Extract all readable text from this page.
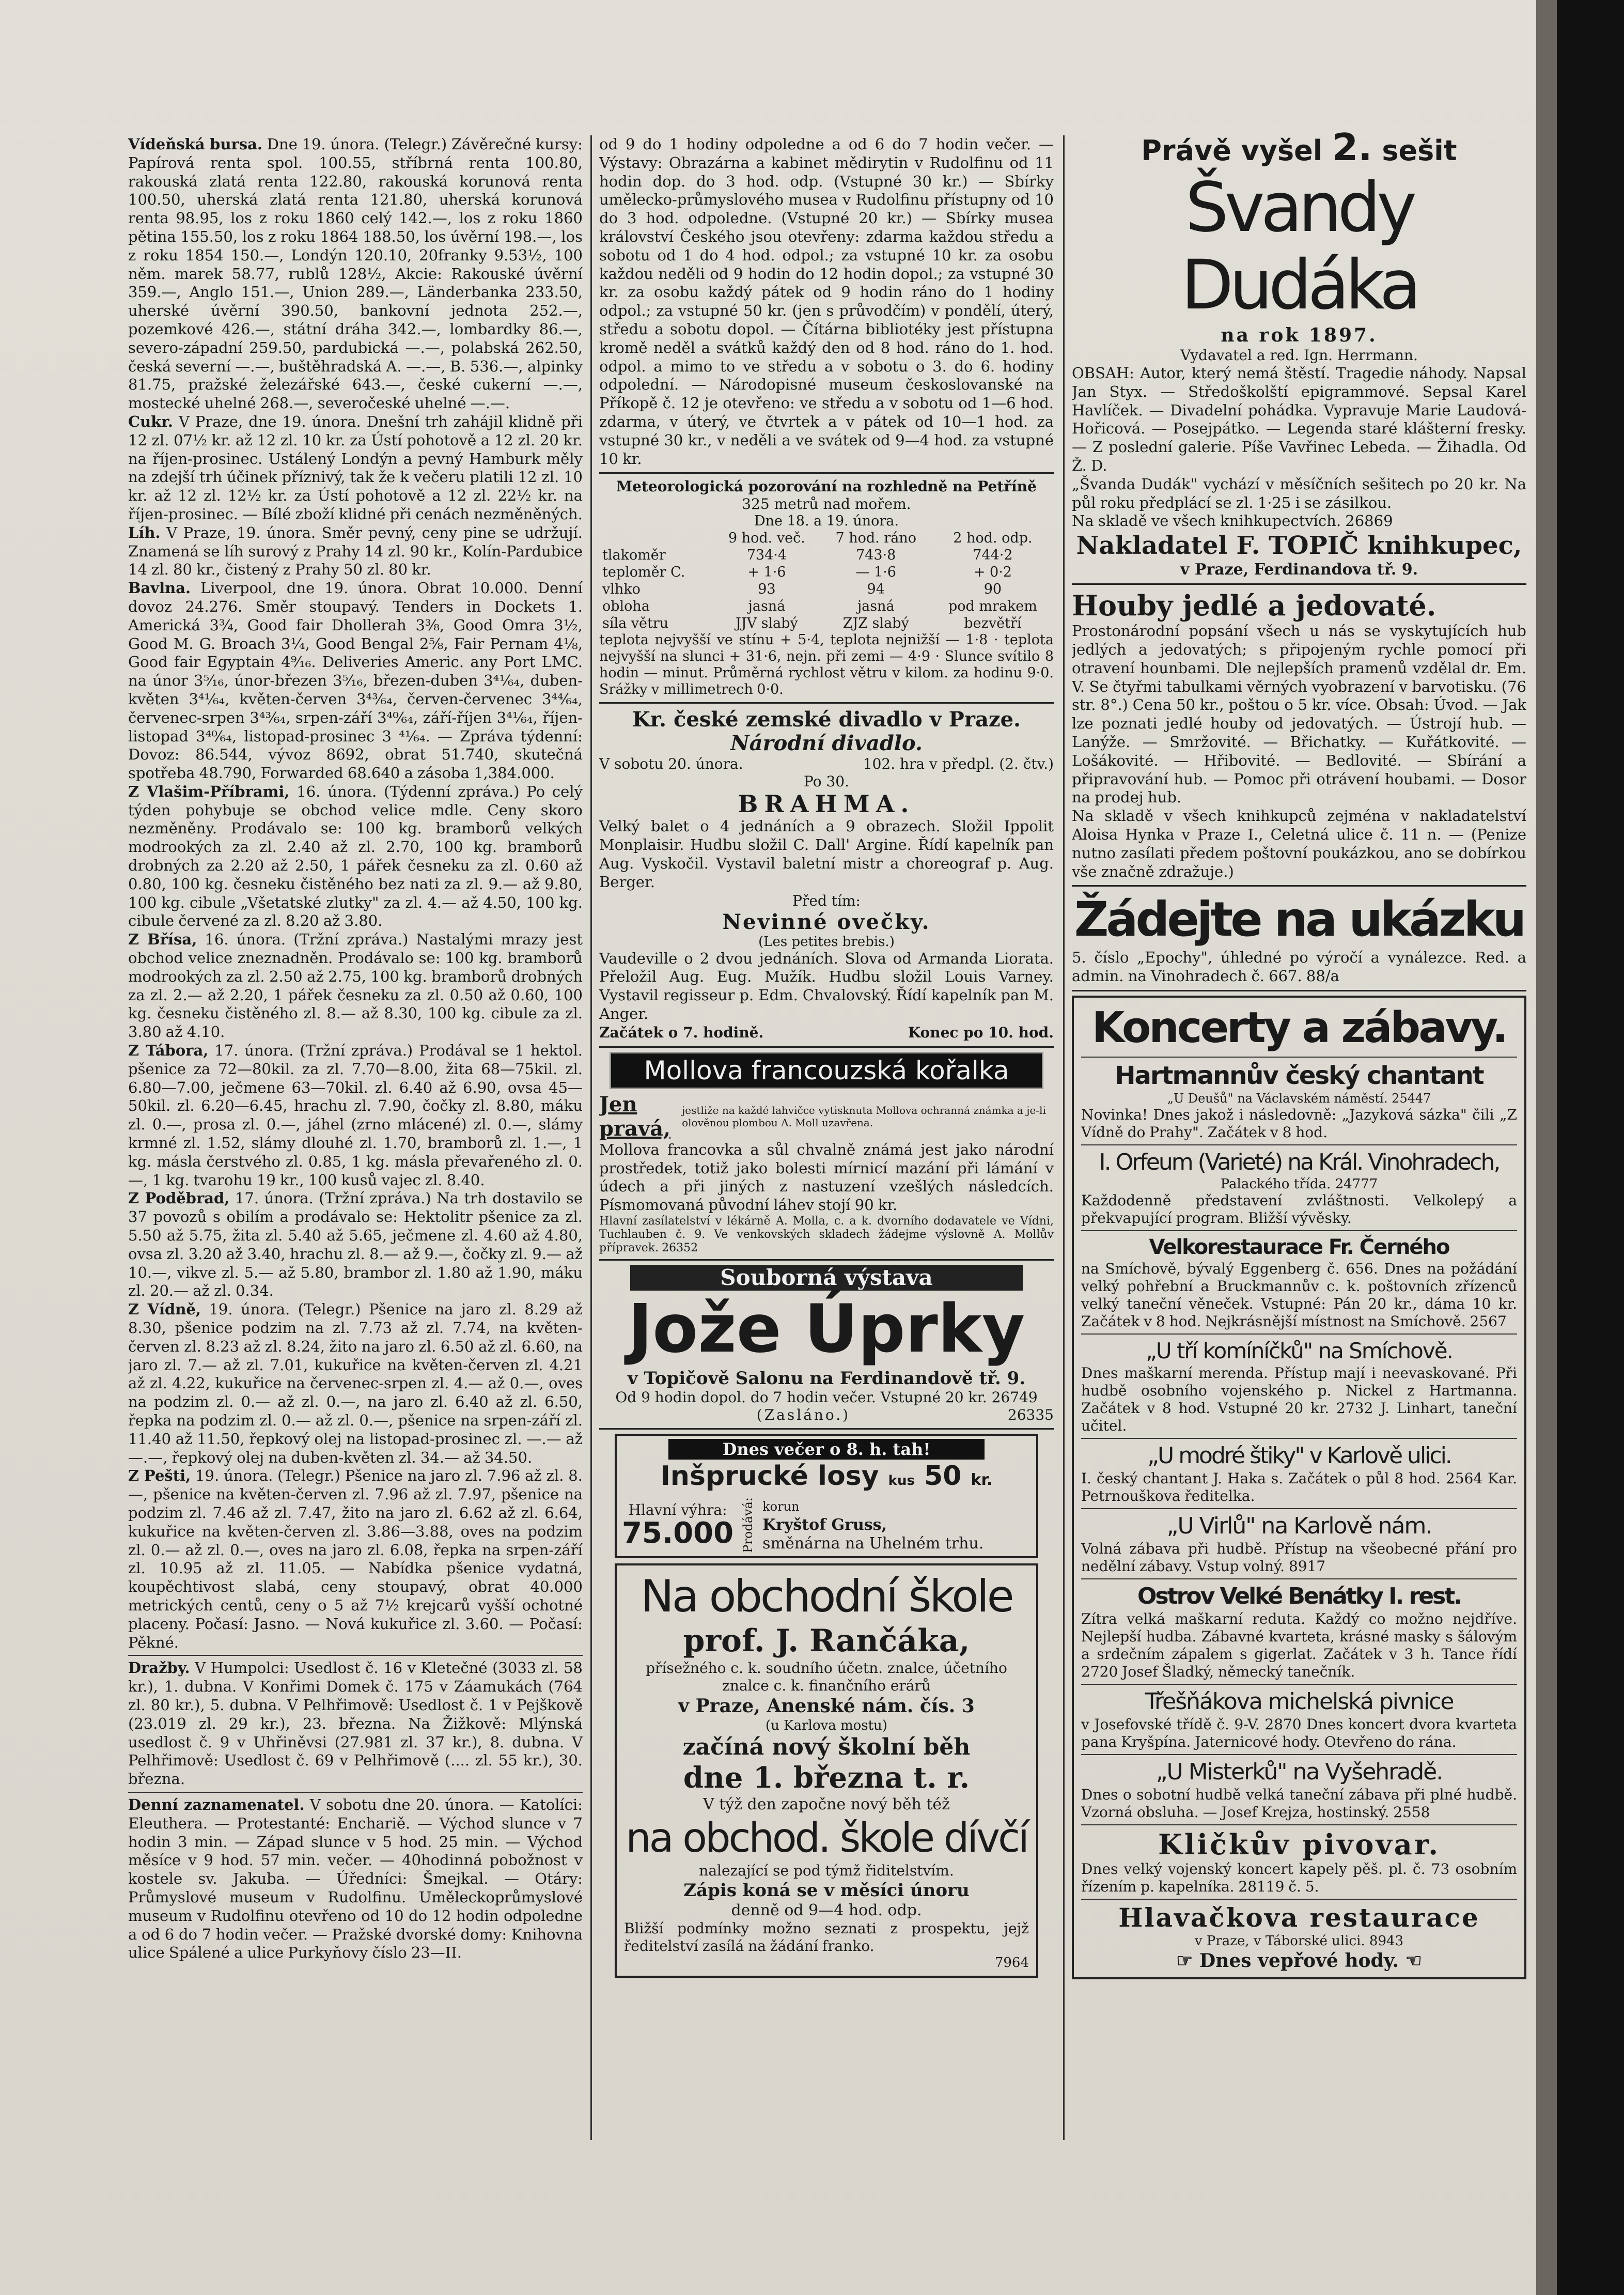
Vídeňská bursa. Dne 19. února. (Telegr.) Závěrečné kursy: Papírová renta spol. 100.55, stříbrná renta 100.80, rakouská zlatá renta 122.80, rakouská korunová renta 100.50, uherská zlatá renta 121.80, uherská korunová renta 98.95, los z roku 1860 celý 142.—, los z roku 1860 pětina 155.50, los z roku 1864 188.50, los úvěrní 198.—, los z roku 1854 150.—, Londýn 120.10, 20franky 9.53½, 100 něm. marek 58.77, rublů 128½, Akcie: Rakouské úvěrní 359.—, Anglo 151.—, Union 289.—, Länderbanka 233.50, uherské úvěrní 390.50, bankovní jednota 252.—, pozemkové 426.—, státní dráha 342.—, lombardky 86.—, severo-západní 259.50, pardubická —.—, polabská 262.50, česká severní —.—, buštěhradská A. —.—, B. 536.—, alpinky 81.75, pražské železářské 643.—, české cukerní —.—, mostecké uhelné 268.—, severočeské uhelné —.—.

Cukr. V Praze, dne 19. února. Dnešní trh zahájil klidně při 12 zl. 07½ kr. až 12 zl. 10 kr. za Ústí pohotově a 12 zl. 20 kr. na říjen-prosinec. Ustálený Londýn a pevný Hamburk měly na zdejší trh účinek příznivý, tak že k večeru platili 12 zl. 10 kr. až 12 zl. 12½ kr. za Ústí pohotově a 12 zl. 22½ kr. na říjen-prosinec. — Bílé zboží klidné při cenách nezměněných.

Líh. V Praze, 19. února. Směr pevný, ceny pine se udržují. Znamená se líh surový z Prahy 14 zl. 90 kr., Kolín-Pardubice 14 zl. 80 kr., čistený z Prahy 50 zl. 80 kr.

Bavlna. Liverpool, dne 19. února. Obrat 10.000. Denní dovoz 24.276. Směr stoupavý. Tenders in Dockets 1. Americká 3¾, Good fair Dhollerah 3⅜, Good Omra 3½, Good M. G. Broach 3¼, Good Bengal 2⅝, Fair Pernam 4⅛, Good fair Egyptain 4⁹⁄₁₆. Deliveries Americ. any Port LMC. na únor 3⁵⁄₁₆, únor-březen 3⁵⁄₁₆, březen-duben 3⁴¹⁄₆₄, duben-květen 3⁴¹⁄₆₄, květen-červen 3⁴³⁄₆₄, červen-červenec 3⁴⁴⁄₆₄, červenec-srpen 3⁴³⁄₆₄, srpen-září 3⁴⁰⁄₆₄, září-říjen 3⁴¹⁄₆₄, říjen-listopad 3⁴⁰⁄₆₄, listopad-prosinec 3 ⁴¹⁄₆₄. — Zpráva týdenní: Dovoz: 86.544, vývoz 8692, obrat 51.740, skutečná spotřeba 48.790, Forwarded 68.640 a zásoba 1,384.000.

Z Vlašim-Příbrami, 16. února. (Týdenní zpráva.) Po celý týden pohybuje se obchod velice mdle. Ceny skoro nezměněny. Prodávalo se: 100 kg. bramborů velkých modrookých za zl. 2.40 až zl. 2.70, 100 kg. bramborů drobných za 2.20 až 2.50, 1 pářek česneku za zl. 0.60 až 0.80, 100 kg. česneku čistěného bez nati za zl. 9.— až 9.80, 100 kg. cibule „Všetatské zlutky" za zl. 4.— až 4.50, 100 kg. cibule červené za zl. 8.20 až 3.80.

Z Břísa, 16. února. (Tržní zpráva.) Nastalými mrazy jest obchod velice zneznadněn. Prodávalo se: 100 kg. bramborů modrookých za zl. 2.50 až 2.75, 100 kg. bramborů drobných za zl. 2.— až 2.20, 1 pářek česneku za zl. 0.50 až 0.60, 100 kg. česneku čistěného zl. 8.— až 8.30, 100 kg. cibule za zl. 3.80 až 4.10.

Z Tábora, 17. února. (Tržní zpráva.) Prodával se 1 hektol. pšenice za 72—80kil. za zl. 7.70—8.00, žita 68—75kil. zl. 6.80—7.00, ječmene 63—70kil. zl. 6.40 až 6.90, ovsa 45—50kil. zl. 6.20—6.45, hrachu zl. 7.90, čočky zl. 8.80, máku zl. 0.—, prosa zl. 0.—, jáhel (zrno mlácené) zl. 0.—, slámy krmné zl. 1.52, slámy dlouhé zl. 1.70, bramborů zl. 1.—, 1 kg. másla čerstvého zl. 0.85, 1 kg. másla převařeného zl. 0.—, 1 kg. tvarohu 19 kr., 100 kusů vajec zl. 8.40.

Z Poděbrad, 17. února. (Tržní zpráva.) Na trh dostavilo se 37 povozů s obilím a prodávalo se: Hektolitr pšenice za zl. 5.50 až 5.75, žita zl. 5.40 až 5.65, ječmene zl. 4.60 až 4.80, ovsa zl. 3.20 až 3.40, hrachu zl. 8.— až 9.—, čočky zl. 9.— až 10.—, vikve zl. 5.— až 5.80, brambor zl. 1.80 až 1.90, máku zl. 20.— až zl. 0.34.

Z Vídně, 19. února. (Telegr.) Pšenice na jaro zl. 8.29 až 8.30, pšenice podzim na zl. 7.73 až zl. 7.74, na květen-červen zl. 8.23 až zl. 8.24, žito na jaro zl. 6.50 až zl. 6.60, na jaro zl. 7.— až zl. 7.01, kukuřice na květen-červen zl. 4.21 až zl. 4.22, kukuřice na červenec-srpen zl. 4.— až 0.—, oves na podzim zl. 0.— až zl. 0.—, na jaro zl. 6.40 až zl. 6.50, řepka na podzim zl. 0.— až zl. 0.—, pšenice na srpen-září zl. 11.40 až 11.50, řepkový olej na listopad-prosinec zl. —.— až —.—, řepkový olej na duben-květen zl. 34.— až 34.50.

Z Pešti, 19. února. (Telegr.) Pšenice na jaro zl. 7.96 až zl. 8.—, pšenice na květen-červen zl. 7.96 až zl. 7.97, pšenice na podzim zl. 7.46 až zl. 7.47, žito na jaro zl. 6.62 až zl. 6.64, kukuřice na květen-červen zl. 3.86—3.88, oves na podzim zl. 0.— až zl. 0.—, oves na jaro zl. 6.08, řepka na srpen-září zl. 10.95 až zl. 11.05. — Nabídka pšenice vydatná, koupěchtivost slabá, ceny stoupavý, obrat 40.000 metrických centů, ceny o 5 až 7½ krejcarů vyšší ochotné placeny. Počasí: Jasno. — Nová kukuřice zl. 3.60. — Počasí: Pěkné.

Dražby. V Humpolci: Usedlost č. 16 v Kletečné (3033 zl. 58 kr.), 1. dubna. V Konřimi Domek č. 175 v Záamukách (764 zl. 80 kr.), 5. dubna. V Pelhřimově: Usedlost č. 1 v Pejškově (23.019 zl. 29 kr.), 23. března. Na Žižkově: Mlýnská usedlost č. 9 v Uhřiněvsi (27.981 zl. 37 kr.), 8. dubna. V Pelhřimově: Usedlost č. 69 v Pelhřimově (.... zl. 55 kr.), 30. března.

Denní zaznamenatel. V sobotu dne 20. února. — Katolíci: Eleuthera. — Protestanté: Enchariě. — Východ slunce v 7 hodin 3 min. — Západ slunce v 5 hod. 25 min. — Východ měsíce v 9 hod. 57 min. večer. — 40hodinná pobožnost v kostele sv. Jakuba. — Úředníci: Šmejkal. — Otáry: Průmyslové museum v Rudolfinu. Uměleckoprůmyslové museum v Rudolfinu otevřeno od 10 do 12 hodin odpoledne a od 6 do 7 hodin večer. — Pražské dvorské domy: Knihovna ulice Spálené a ulice Purkyňovy číslo 23—II.

od 9 do 1 hodiny odpoledne a od 6 do 7 hodin večer. — Výstavy: Obrazárna a kabinet mědirytin v Rudolfinu od 11 hodin dop. do 3 hod. odp. (Vstupné 30 kr.) — Sbírky umělecko-průmyslového musea v Rudolfinu přístupny od 10 do 3 hod. odpoledne. (Vstupné 20 kr.) — Sbírky musea království Českého jsou otevřeny: zdarma každou středu a sobotu od 1 do 4 hod. odpol.; za vstupné 10 kr. za osobu každou neděli od 9 hodin do 12 hodin dopol.; za vstupné 30 kr. za osobu každý pátek od 9 hodin ráno do 1 hodiny odpol.; za vstupné 50 kr. (jen s průvodčím) v pondělí, úterý, středu a sobotu dopol. — Čítárna bibliotéky jest přístupna kromě neděl a svátků každý den od 8 hod. ráno do 1. hod. odpol. a mimo to ve středu a v sobotu o 3. do 6. hodiny odpolední. — Národopisné museum českoslovanské na Příkopě č. 12 je otevřeno: ve středu a v sobotu od 1—6 hod. zdarma, v úterý, ve čtvrtek a v pátek od 10—1 hod. za vstupné 30 kr., v neděli a ve svátek od 9—4 hod. za vstupné 10 kr.

Meteorologická pozorování na rozhledně na Petříně
325 metrů nad mořem.
Dne 18. a 19. února.
	9 hod. več.	7 hod. ráno	2 hod. odp.
tlakoměr	734·4	743·8	744·2
teploměr C.	+ 1·6	— 1·6	+ 0·2
vlhko	93	94	90
obloha	jasná	jasná	pod mrakem
síla větru	JJV slabý	ZJZ slabý	bezvětří

teplota nejvyšší ve stínu + 5·4, teplota nejnižší — 1·8 · teplota nejvyšší na slunci + 31·6, nejn. při zemi — 4·9 · Slunce svítilo 8 hodin — minut. Průměrná rychlost větru v kilom. za hodinu 9·0. Srážky v millimetrech 0·0.

Kr. české zemské divadlo v Praze.
Národní divadlo.
V sobotu 20. února.	102. hra v předpl. (2. čtv.)
Po 30.
BRAHMA.

Velký balet o 4 jednáních a 9 obrazech. Složil Ippolit Monplaisir. Hudbu složil C. Dall' Argine. Řídí kapelník pan Aug. Vyskočil. Vystavil baletní mistr a choreograf p. Aug. Berger.

Před tím:
Nevinné ovečky.
(Les petites brebis.)

Vaudeville o 2 dvou jednáních. Slova od Armanda Liorata. Přeložil Aug. Eug. Mužík. Hudbu složil Louis Varney. Vystavil regisseur p. Edm. Chvalovský. Řídí kapelník pan M. Anger.

Začátek o 7. hodině.	Konec po 10. hod.
Mollova francouzská kořalka
Jen pravá,
jestliže na každé lahvičce vytisknuta Mollova ochranná známka a je-li olověnou plombou A. Moll uzavřena.

Mollova francovka a sůl chvalně známá jest jako národní prostředek, totiž jako bolesti mírnicí mazání při lámání v údech a při jiných z nastuzení vzešlých následcích. Písmomovaná původní láhev stojí 90 kr.

Hlavní zasílatelství v lékárně A. Molla, c. a k. dvorního dodavatele ve Vídni, Tuchlauben č. 9. Ve venkovských skladech žádejme výslovně A. Mollův přípravek. 26352

Souborná výstava
Jože Úprky
v Topičově Salonu na Ferdinandově tř. 9.
Od 9 hodin dopol. do 7 hodin večer. Vstupné 20 kr. 26749
(Zasláno.)	26335
Dnes večer o 8. h. tah!
Inšprucké losy kus 50 kr.
Hlavní výhra:
75.000 Prodává: korun
Kryštof Gruss,
směnárna na Uhelném trhu.
Na obchodní škole
prof. J. Rančáka,
přísežného c. k. soudního účetn. znalce, účetního znalce c. k. finančního erárů
v Praze, Anenské nám. čís. 3
(u Karlova mostu)
začíná nový školní běh
dne 1. března t. r.
V týž den započne nový běh též
na obchod. škole dívčí
nalezající se pod týmž řiditelstvím.
Zápis koná se v měsíci únoru
denně od 9—4 hod. odp.

Bližší podmínky možno seznati z prospektu, jejž ředitelství zasílá na žádání franko.

7964
Právě vyšel 2. sešit
Švandy Dudáka
na rok 1897.
Vydavatel a red. Ign. Herrmann.

OBSAH: Autor, který nemá štěstí. Tragedie náhody. Napsal Jan Styx. — Středoškolští epigrammové. Sepsal Karel Havlíček. — Divadelní pohádka. Vypravuje Marie Laudová-Hořicová. — Posejpátko. — Legenda staré klášterní fresky. — Z poslední galerie. Píše Vavřinec Lebeda. — Žihadla. Od Ž. D.

„Švanda Dudák" vychází v měsíčních sešitech po 20 kr. Na půl roku předplácí se zl. 1·25 i se zásilkou.

Na skladě ve všech knihkupectvích. 26869

Nakladatel F. TOPIČ knihkupec,
v Praze, Ferdinandova tř. 9.
Houby jedlé a jedovaté.

Prostonárodní popsání všech u nás se vyskytujících hub jedlých a jedovatých; s připojeným rychle pomocí při otravení hounbami. Dle nejlepších pramenů vzdělal dr. Em. V. Se čtyřmi tabulkami věrných vyobrazení v barvotisku. (76 str. 8°.) Cena 50 kr., poštou o 5 kr. více. Obsah: Úvod. — Jak lze poznati jedlé houby od jedovatých. — Ústrojí hub. — Lanýže. — Smržovité. — Břichatky. — Kuřátkovité. — Lošákovité. — Hřibovité. — Bedlovité. — Sbírání a připravování hub. — Pomoc při otrávení houbami. — Dosor na prodej hub.

Na skladě v všech knihkupců zejména v nakladatelství Aloisa Hynka v Praze I., Celetná ulice č. 11 n. — (Penize nutno zasílati předem poštovní poukázkou, ano se dobírkou vše značně zdražuje.)

Žádejte na ukázku

5. číslo „Epochy", úhledné po výročí a vynálezce. Red. a admin. na Vinohradech č. 667. 88/a

Koncerty a zábavy.
Hartmannův český chantant
„U Deušů" na Václavském náměstí. 25447

Novinka! Dnes jakož i následovně: „Jazyková sázka" čili „Z Vídně do Prahy". Začátek v 8 hod.

I. Orfeum (Varieté) na Král. Vinohradech,
Palackého třída. 24777

Každodenně představení zvláštnosti. Velkolepý a překvapující program. Bližší vývěsky.

Velkorestaurace Fr. Černého

na Smíchově, bývalý Eggenberg č. 656. Dnes na požádání velký pohřební a Bruckmannův c. k. poštovních zřízenců velký taneční věneček. Vstupné: Pán 20 kr., dáma 10 kr. Začátek v 8 hod. Nejkrásnější místnost na Smíchově. 2567

„U tří komíníčků" na Smíchově.

Dnes maškarní merenda. Přístup mají i neevaskované. Při hudbě osobního vojenského p. Nickel z Hartmanna. Začátek v 8 hod. Vstupné 20 kr. 2732 J. Linhart, taneční učitel.

„U modré štiky" v Karlově ulici.

I. český chantant J. Haka s. Začátek o půl 8 hod. 2564 Kar. Petrnouškova ředitelka.

„U Virlů" na Karlově nám.

Volná zábava při hudbě. Přístup na všeobecné přání pro nedělní zábavy. Vstup volný. 8917

Ostrov Velké Benátky I. rest.

Zítra velká maškarní reduta. Každý co možno nejdříve. Nejlepší hudba. Zábavné kvarteta, krásné masky s šálovým a srdečním zápalem s gigerlat. Začátek v 3 h. Tance řídí 2720 Josef Šladký, německý tanečník.

Třešňákova michelská pivnice

v Josefovské třídě č. 9-V. 2870 Dnes koncert dvora kvarteta pana Kryšpína. Jaternicové hody. Otevřeno do rána.

„U Misterků" na Vyšehradě.

Dnes o sobotní hudbě velká taneční zábava při plné hudbě. Vzorná obsluha. — Josef Krejza, hostinský. 2558

Kličkův pivovar.

Dnes velký vojenský koncert kapely pěš. pl. č. 73 osobním řízením p. kapelníka. 28119 č. 5.

Hlavačkova restaurace
v Praze, v Táborské ulici. 8943
☞ Dnes vepřové hody. ☜
